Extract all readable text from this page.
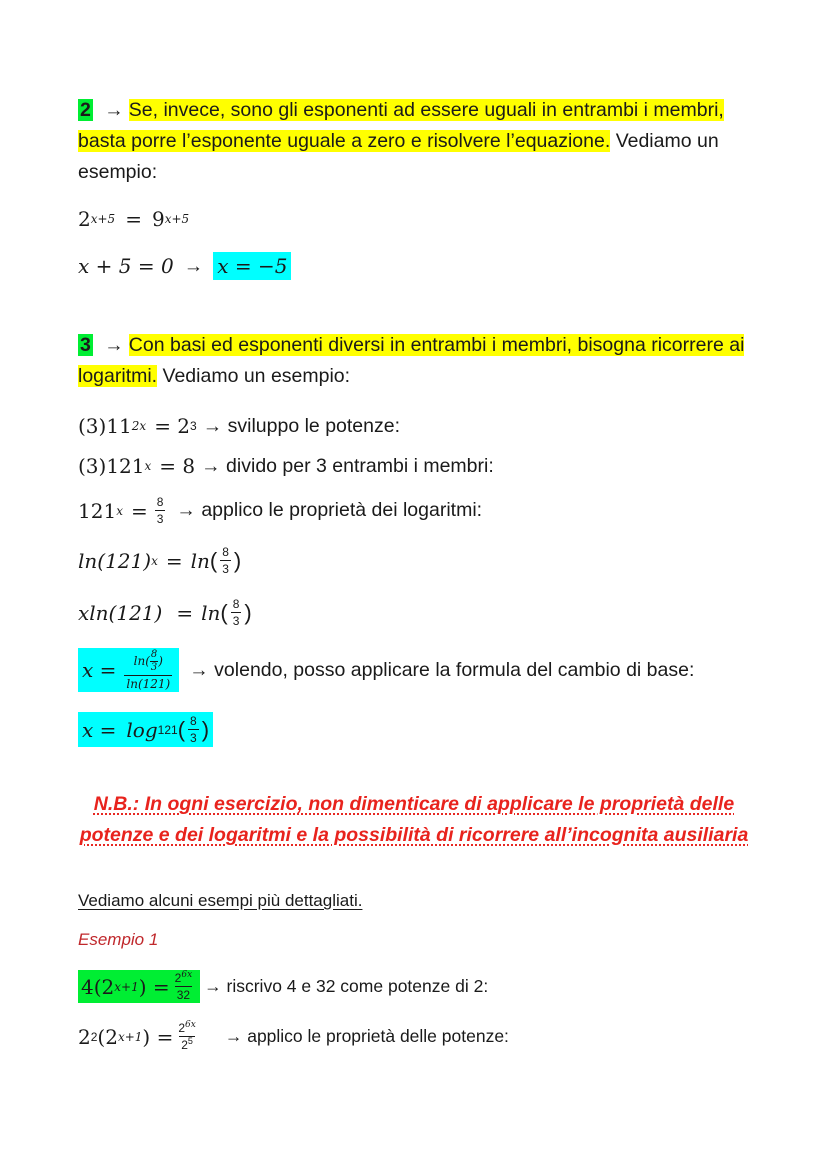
2 → Se, invece, sono gli esponenti ad essere uguali in entrambi i membri, basta porre l’esponente uguale a zero e risolvere l’equazione. Vediamo un esempio:

2 x+5 = 9 x+5
x + 5 = 0 → x = −5

3 → Con basi ed esponenti diversi in entrambi i membri, bisogna ricorrere ai logaritmi. Vediamo un esempio:

(3)11 2x = 2 3 → sviluppo le potenze:
(3)121 x = 8 → divido per 3 entrambi i membri:
121 $x = \frac{8}{3}$ → applico le proprietà dei logaritmi:
ln(121) x = ln ( $\frac{8}{3}$ )
xln(121) = ln ( $\frac{8}{3}$ )
$x = \frac{\ln( \frac{8}{3} )}{\ln(121)}$ → volendo, posso applicare la formula del cambio di base:
x = log 121 ( $\frac{8}{3}$ )
N.B.: In ogni esercizio, non dimenticare di applicare le proprietà delle
potenze e dei logaritmi e la possibilità di ricorrere all’incognita ausiliaria
Vediamo alcuni esempi più dettagliati.
Esempio 1
4(2 x+1 ) = $\frac{2^{6x}}{32}$ → riscrivo 4 e 32 come potenze di 2:
2 2 (2 x+1 ) = $\frac{2^{6x}}{2^5}$ → applico le proprietà delle potenze:
